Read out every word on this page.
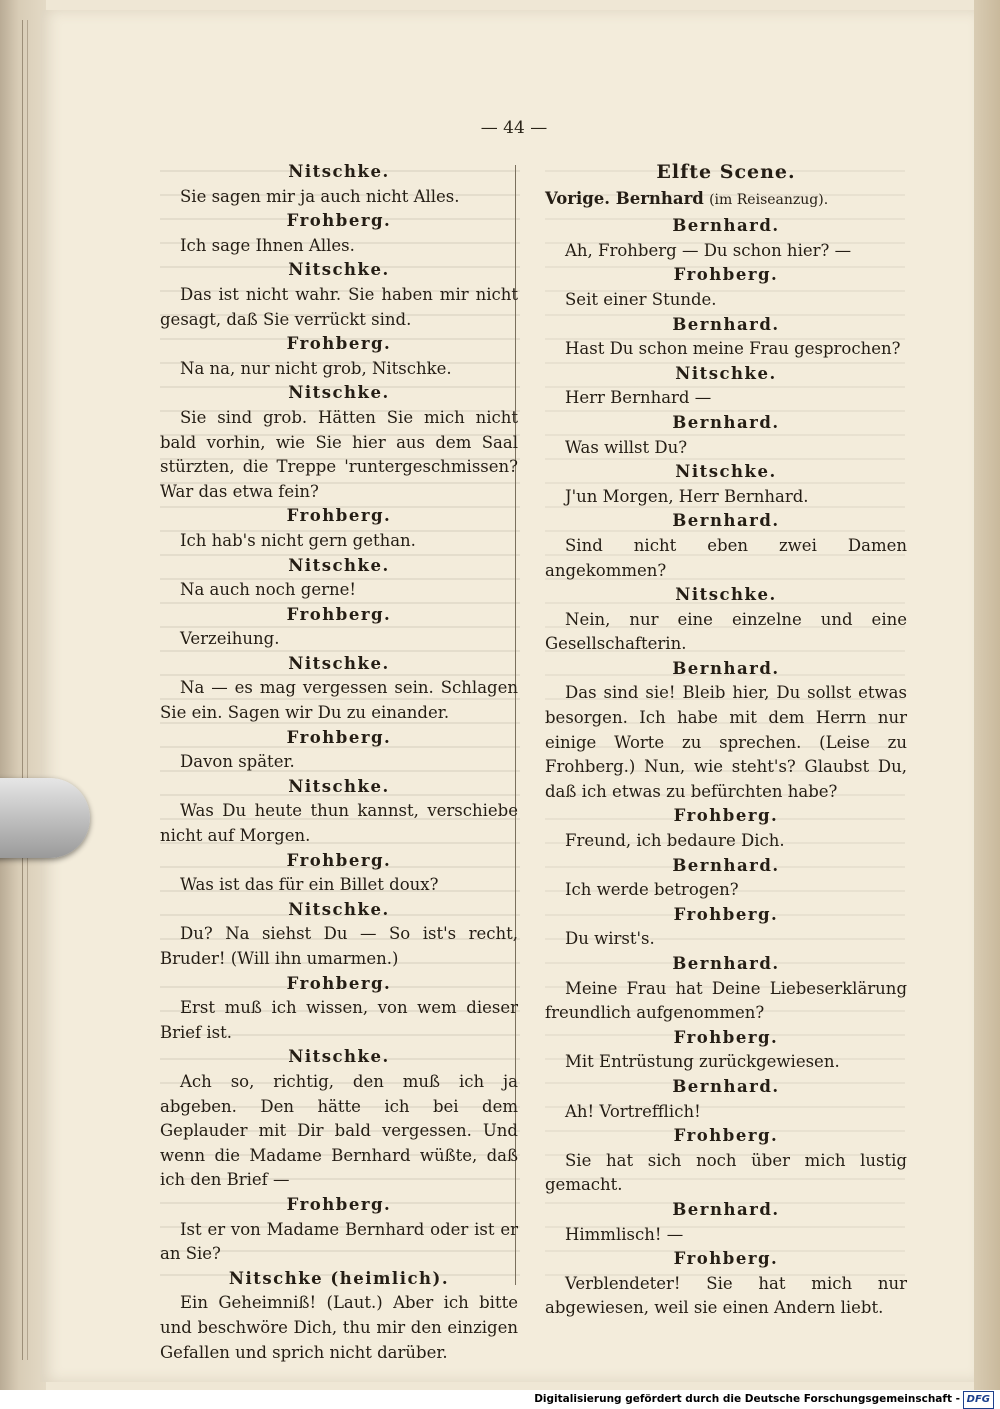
— 44 —
Nitschke.
Sie sagen mir ja auch nicht Alles.
Frohberg.
Ich sage Ihnen Alles.
Nitschke.
Das ist nicht wahr. Sie haben mir nicht gesagt, daß Sie verrückt sind.
Frohberg.
Na na, nur nicht grob, Nitschke.
Nitschke.
Sie sind grob. Hätten Sie mich nicht bald vorhin, wie Sie hier aus dem Saal stürzten, die Treppe 'runtergeschmissen? War das etwa fein?
Frohberg.
Ich hab's nicht gern gethan.
Nitschke.
Na auch noch gerne!
Frohberg.
Verzeihung.
Nitschke.
Na — es mag vergessen sein. Schlagen Sie ein. Sagen wir Du zu einander.
Frohberg.
Davon später.
Nitschke.
Was Du heute thun kannst, verschiebe nicht auf Morgen.
Frohberg.
Was ist das für ein Billet doux?
Nitschke.
Du? Na siehst Du — So ist's recht, Bruder! (Will ihn umarmen.)
Frohberg.
Erst muß ich wissen, von wem dieser Brief ist.
Nitschke.
Ach so, richtig, den muß ich ja abgeben. Den hätte ich bei dem Geplauder mit Dir bald vergessen. Und wenn die Madame Bernhard wüßte, daß ich den Brief —
Frohberg.
Ist er von Madame Bernhard oder ist er an Sie?
Nitschke (heimlich).
Ein Geheimniß! (Laut.) Aber ich bitte und beschwöre Dich, thu mir den einzigen Gefallen und sprich nicht darüber.
Elfte Scene.
Vorige. Bernhard (im Reiseanzug).
Bernhard.
Ah, Frohberg — Du schon hier? —
Frohberg.
Seit einer Stunde.
Bernhard.
Hast Du schon meine Frau gesprochen?
Nitschke.
Herr Bernhard —
Bernhard.
Was willst Du?
Nitschke.
J'un Morgen, Herr Bernhard.
Bernhard.
Sind nicht eben zwei Damen angekommen?
Nitschke.
Nein, nur eine einzelne und eine Gesellschafterin.
Bernhard.
Das sind sie! Bleib hier, Du sollst etwas besorgen. Ich habe mit dem Herrn nur einige Worte zu sprechen. (Leise zu Frohberg.) Nun, wie steht's? Glaubst Du, daß ich etwas zu befürchten habe?
Frohberg.
Freund, ich bedaure Dich.
Bernhard.
Ich werde betrogen?
Frohberg.
Du wirst's.
Bernhard.
Meine Frau hat Deine Liebeserklärung freundlich aufgenommen?
Frohberg.
Mit Entrüstung zurückgewiesen.
Bernhard.
Ah! Vortrefflich!
Frohberg.
Sie hat sich noch über mich lustig gemacht.
Bernhard.
Himmlisch! —
Frohberg.
Verblendeter! Sie hat mich nur abgewiesen, weil sie einen Andern liebt.
Digitalisierung gefördert durch die Deutsche Forschungsgemeinschaft - DFG
